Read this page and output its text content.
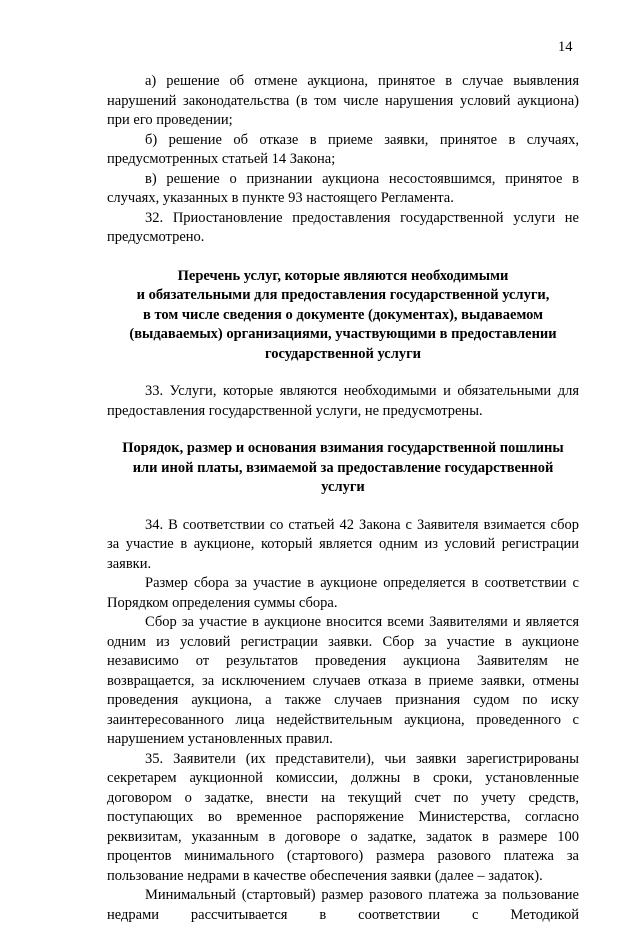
14

а) решение об отмене аукциона, принятое в случае выявления нарушений законодательства (в том числе нарушения условий аукциона) при его проведении;

б) решение об отказе в приеме заявки, принятое в случаях, предусмотренных статьей 14 Закона;

в) решение о признании аукциона несостоявшимся, принятое в случаях, указанных в пункте 93 настоящего Регламента.

32. Приостановление предоставления государственной услуги не предусмотрено.

Перечень услуг, которые являются необходимыми
и обязательными для предоставления государственной услуги,
в том числе сведения о документе (документах), выдаваемом
(выдаваемых) организациями, участвующими в предоставлении
государственной услуги

33. Услуги, которые являются необходимыми и обязательными для предоставления государственной услуги, не предусмотрены.

Порядок, размер и основания взимания государственной пошлины
или иной платы, взимаемой за предоставление государственной
услуги

34. В соответствии со статьей 42 Закона с Заявителя взимается сбор за участие в аукционе, который является одним из условий регистрации заявки.

Размер сбора за участие в аукционе определяется в соответствии с Порядком определения суммы сбора.

Сбор за участие в аукционе вносится всеми Заявителями и является одним из условий регистрации заявки. Сбор за участие в аукционе независимо от результатов проведения аукциона Заявителям не возвращается, за исключением случаев отказа в приеме заявки, отмены проведения аукциона, а также случаев признания судом по иску заинтересованного лица недействительным аукциона, проведенного с нарушением установленных правил.

35. Заявители (их представители), чьи заявки зарегистрированы секретарем аукционной комиссии, должны в сроки, установленные договором о задатке, внести на текущий счет по учету средств, поступающих во временное распоряжение Министерства, согласно реквизитам, указанным в договоре о задатке, задаток в размере 100 процентов минимального (стартового) размера разового платежа за пользование недрами в качестве обеспечения заявки (далее – задаток).

Минимальный (стартовый) размер разового платежа за пользование недрами рассчитывается в соответствии с Методикой
